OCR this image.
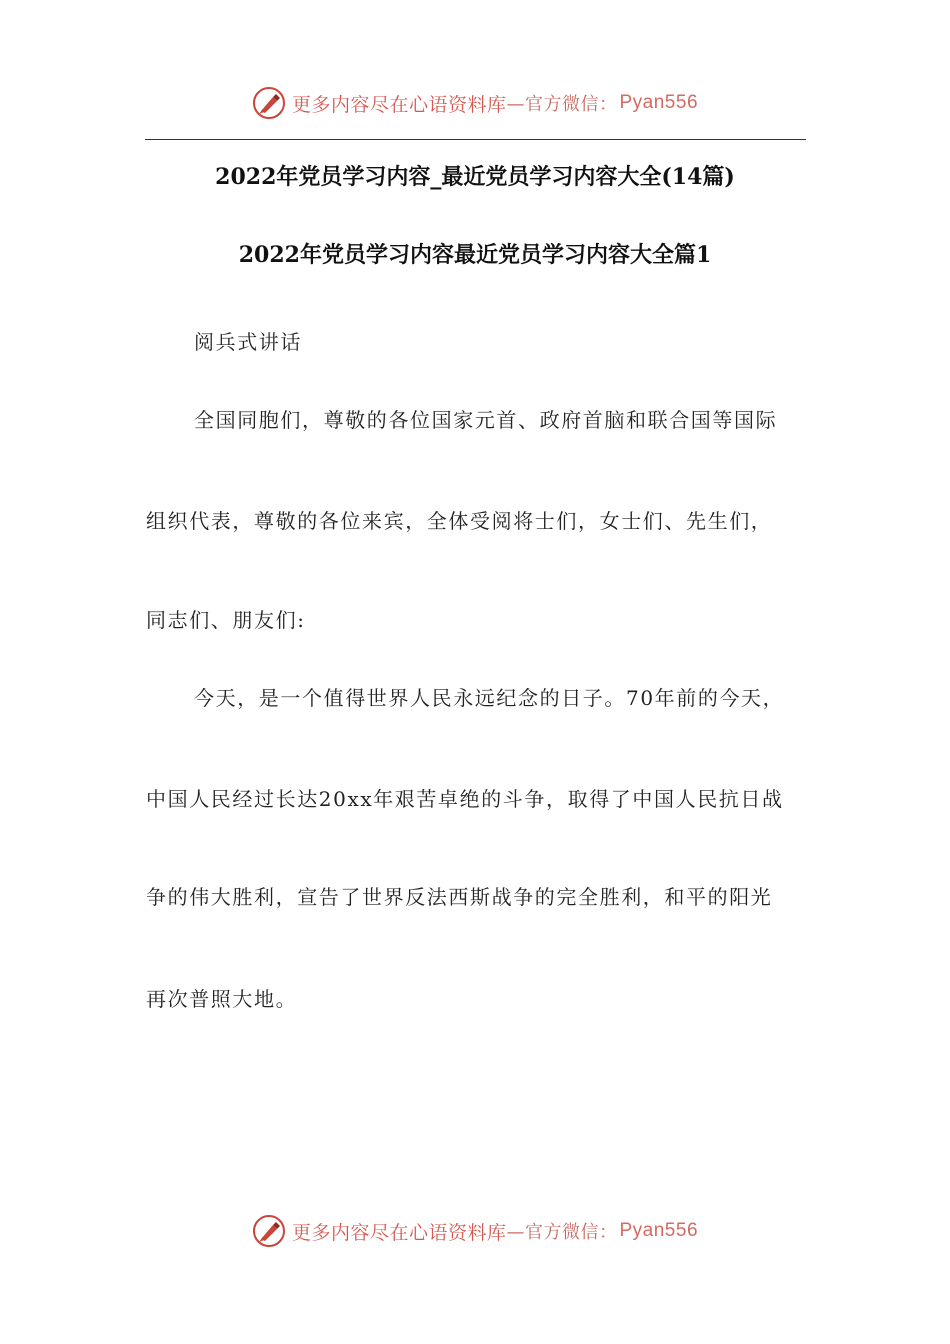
更多内容尽在心语资料库 —官方微信： Pyan556
2022年党员学习内容_最近党员学习内容大全(14篇)
2022年党员学习内容最近党员学习内容大全篇1
阅兵式讲话
全国同胞们，尊敬的各位国家元首、政府首脑和联合国等国际
组织代表，尊敬的各位来宾，全体受阅将士们，女士们、先生们，
同志们、朋友们:
今天，是一个值得世界人民永远纪念的日子。70年前的今天，
中国人民经过长达20xx年艰苦卓绝的斗争，取得了中国人民抗日战
争的伟大胜利，宣告了世界反法西斯战争的完全胜利，和平的阳光
再次普照大地。
更多内容尽在心语资料库 —官方微信： Pyan556
